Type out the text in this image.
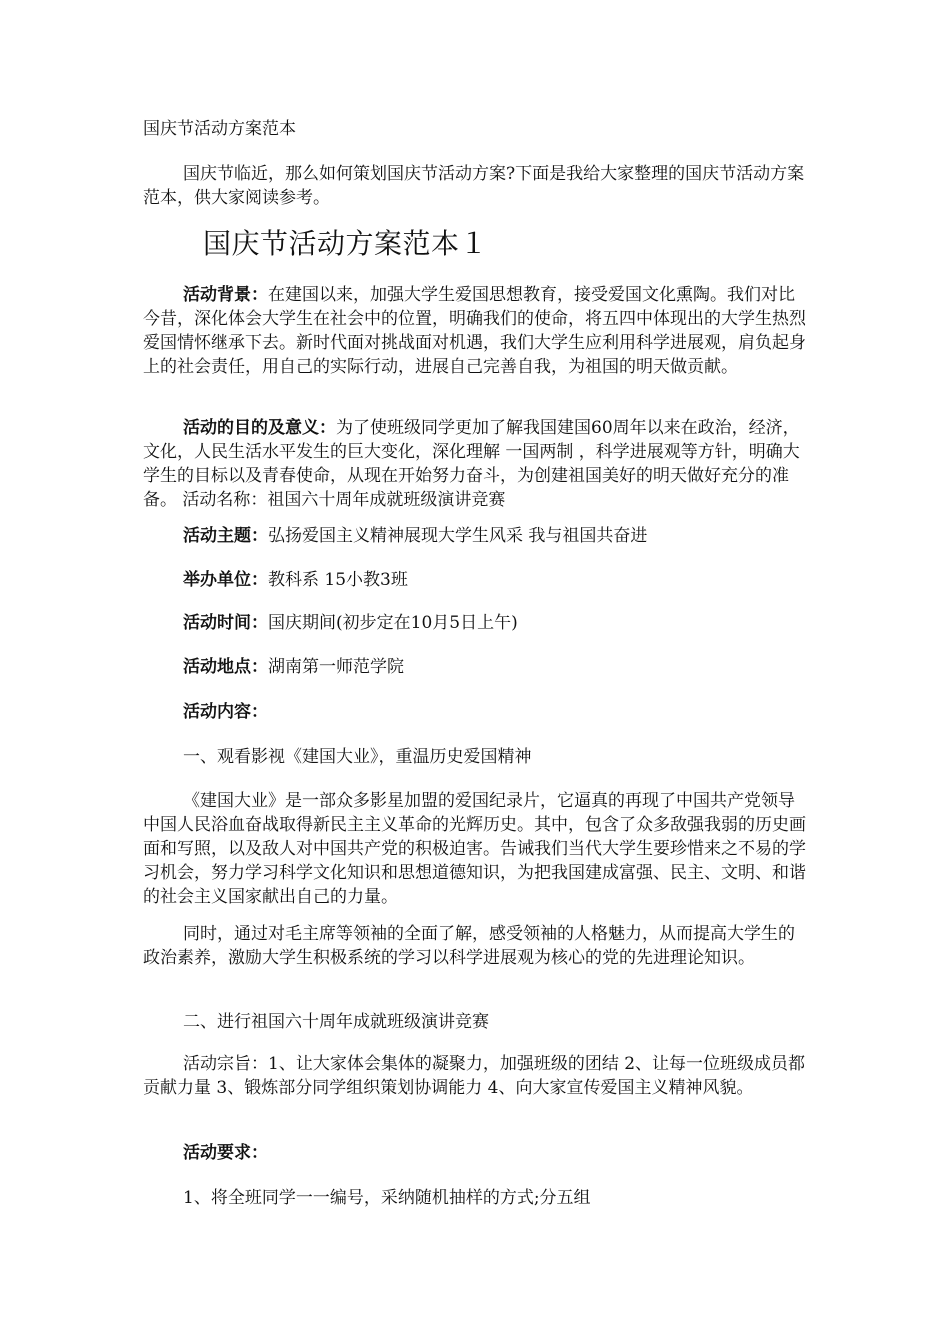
国庆节活动方案范本

国庆节临近，那么如何策划国庆节活动方案?下面是我给大家整理的国庆节活动方案范本，供大家阅读参考。

国庆节活动方案范本１

活动背景：在建国以来，加强大学生爱国思想教育，接受爱国文化熏陶。我们对比今昔，深化体会大学生在社会中的位置，明确我们的使命，将五四中体现出的大学生热烈爱国情怀继承下去。新时代面对挑战面对机遇，我们大学生应利用科学进展观，肩负起身上的社会责任，用自己的实际行动，进展自己完善自我，为祖国的明天做贡献。

活动的目的及意义：为了使班级同学更加了解我国建国60周年以来在政治，经济，文化，人民生活水平发生的巨大变化，深化理解 一国两制 ，科学进展观等方针，明确大学生的目标以及青春使命，从现在开始努力奋斗，为创建祖国美好的明天做好充分的准备。 活动名称：祖国六十周年成就班级演讲竞赛

活动主题：弘扬爱国主义精神展现大学生风采 我与祖国共奋进

举办单位：教科系 15小教3班

活动时间：国庆期间(初步定在10月5日上午)

活动地点：湖南第一师范学院

活动内容：

一、观看影视《建国大业》，重温历史爱国精神

《建国大业》是一部众多影星加盟的爱国纪录片，它逼真的再现了中国共产党领导中国人民浴血奋战取得新民主主义革命的光辉历史。其中，包含了众多敌强我弱的历史画面和写照，以及敌人对中国共产党的积极迫害。告诫我们当代大学生要珍惜来之不易的学习机会，努力学习科学文化知识和思想道德知识，为把我国建成富强、民主、文明、和谐的社会主义国家献出自己的力量。

同时，通过对毛主席等领袖的全面了解，感受领袖的人格魅力，从而提高大学生的政治素养，激励大学生积极系统的学习以科学进展观为核心的党的先进理论知识。

二、进行祖国六十周年成就班级演讲竞赛

活动宗旨：1、让大家体会集体的凝聚力，加强班级的团结 2、让每一位班级成员都贡献力量 3、锻炼部分同学组织策划协调能力 4、向大家宣传爱国主义精神风貌。

活动要求：

1、将全班同学一一编号，采纳随机抽样的方式;分五组
